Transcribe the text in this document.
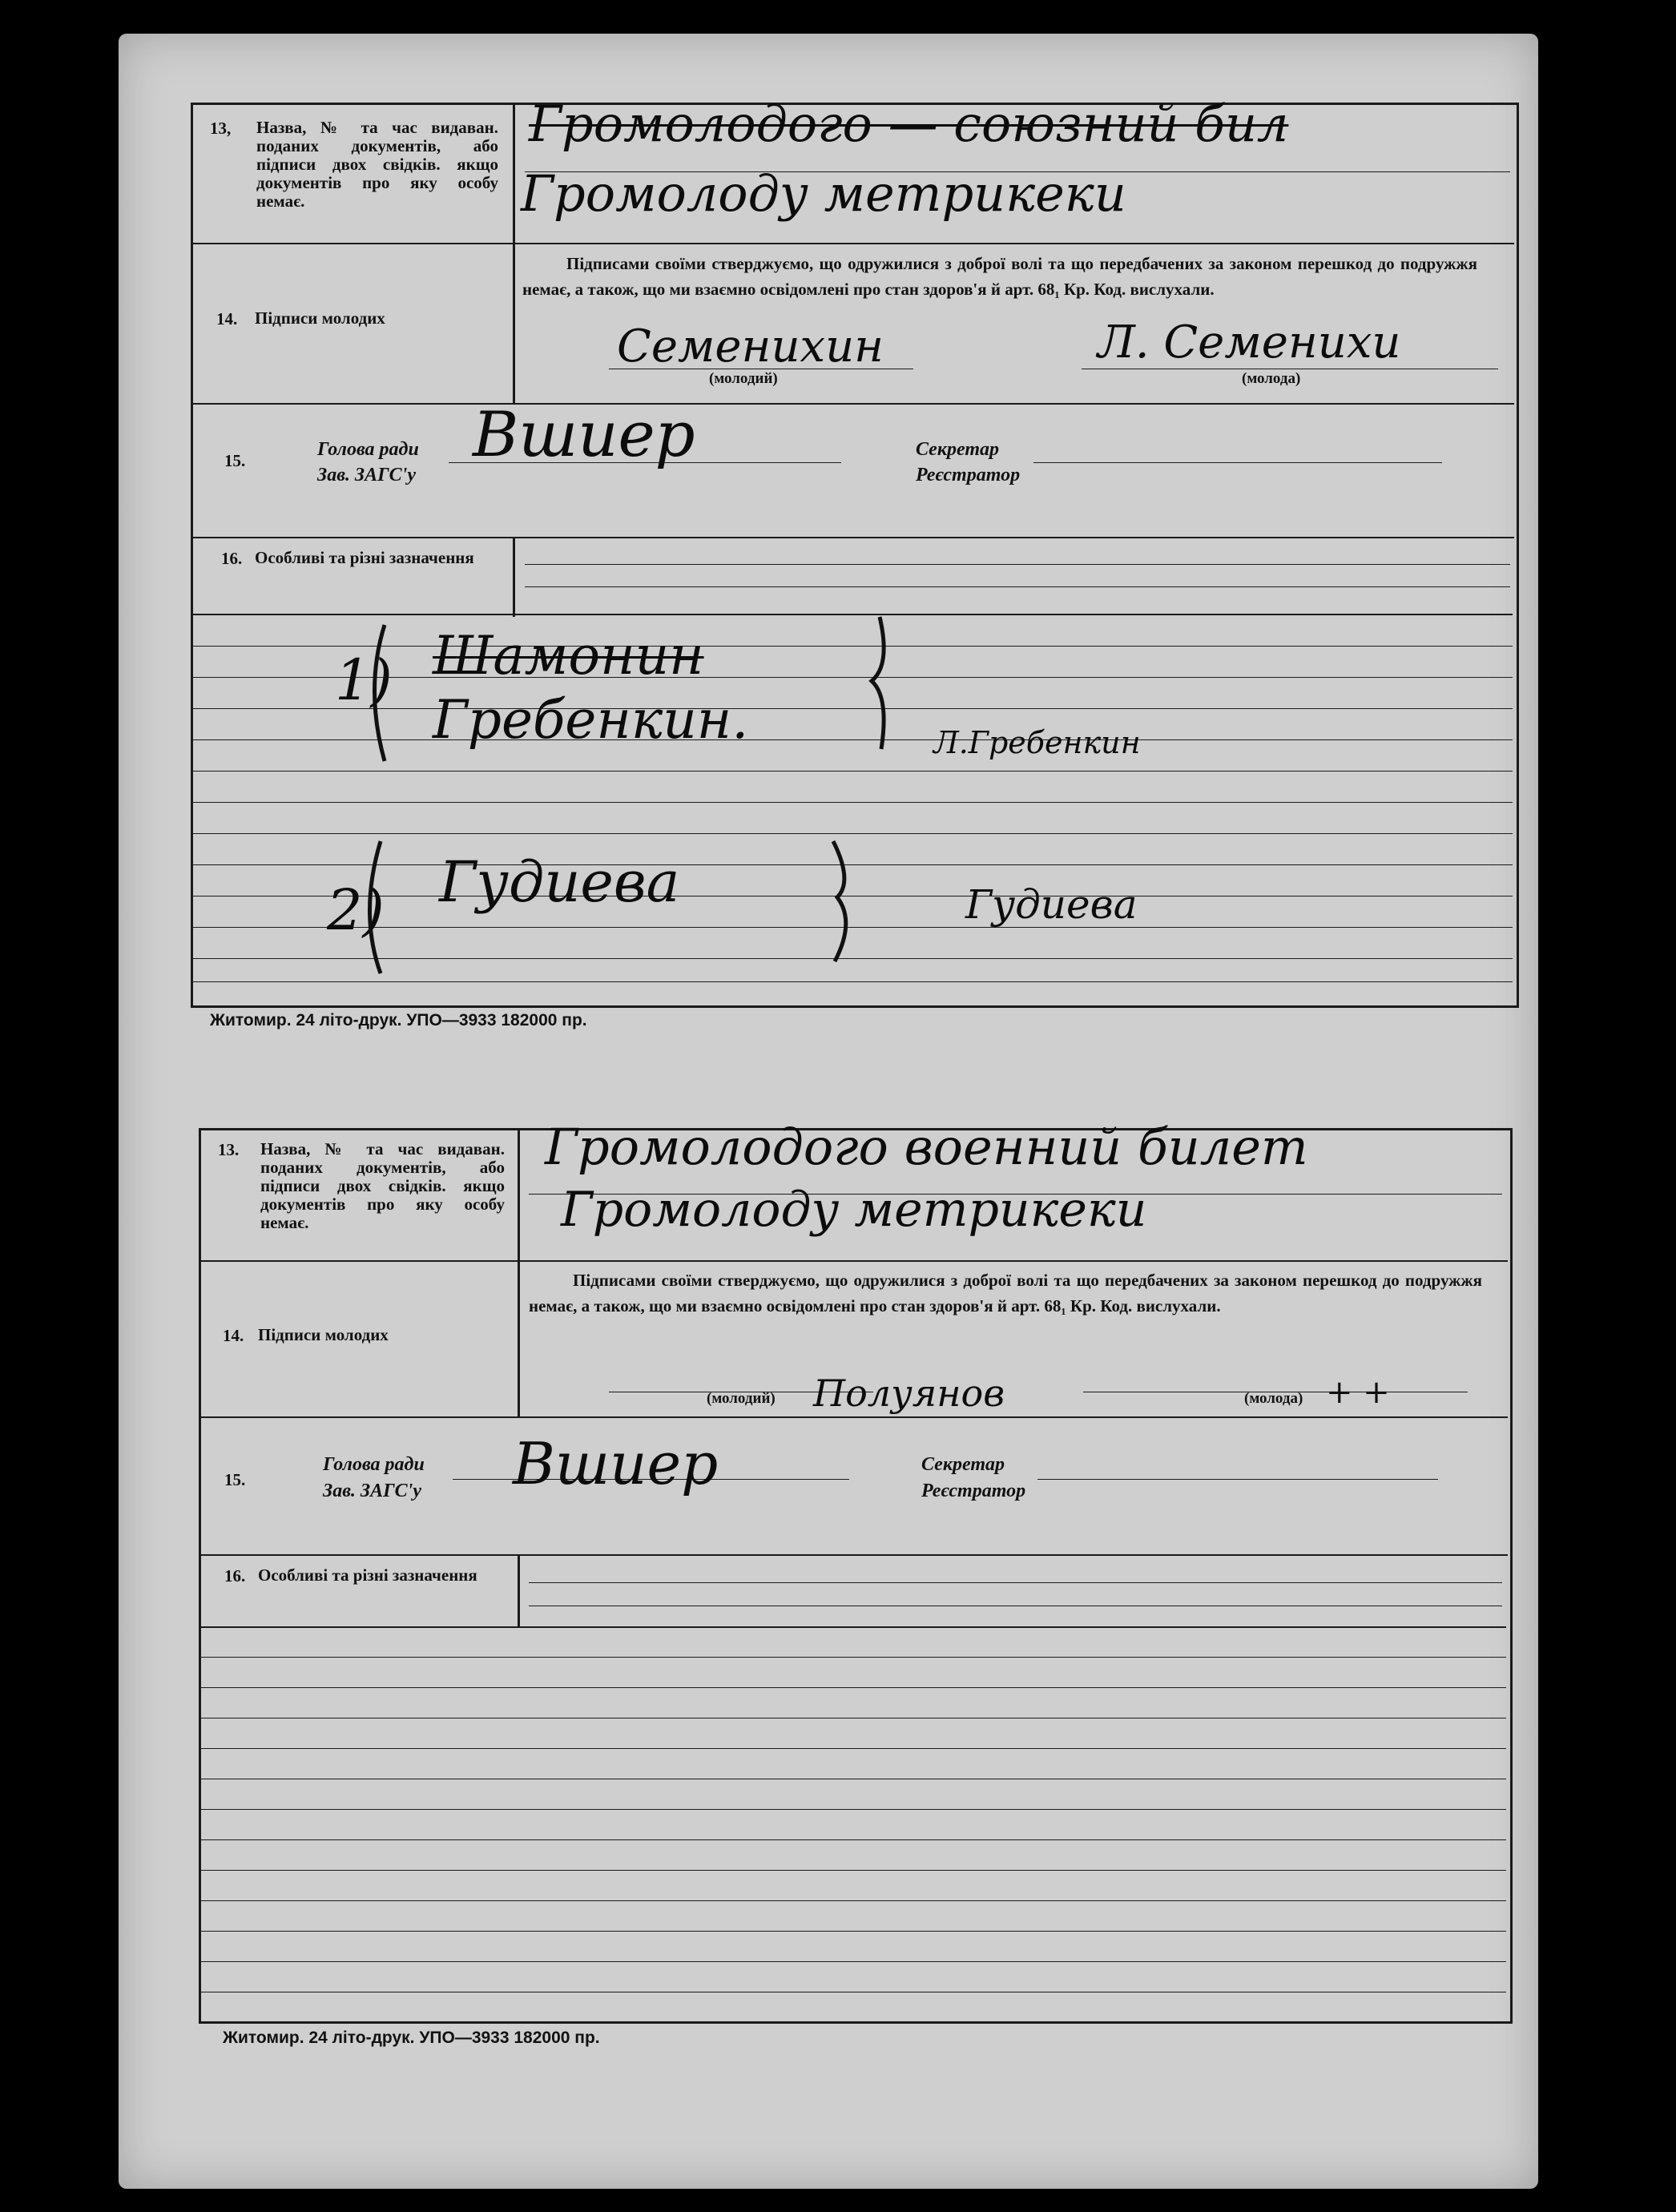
13, Назва, № та час видаван. поданих документів, або підписи двох свідків. якщо документів про яку особу немає.
Громолодого — союзний бил
Громолоду метрикеки
14. Підписи молодих
Підписами своїми стверджуємо, що одружилися з доброї волі та що передбачених за законом перешкод до подружжя немає, а також, що ми взаємно освідомлені про стан здоров'я й арт. 68₁ Кр. Код. вислухали.
(молодий)	(молода)
Семенихин	Л. Семенихи
15.
Голова ради
Зав. ЗАГС'у
Секретар
Реєстратор
Вшиер
16. Особливі та різні зазначення
1) Шамонин
Гребенкин.	Л.Гребенкин
2) Гудиева	Гудиева
Житомир. 24 літо-друк. УПО—3933 182000 пр.
13. Назва, № та час видаван. поданих документів, або підписи двох свідків. якщо документів про яку особу немає.
Громолодого военний билет
Громолоду метрикеки
14. Підписи молодих
Підписами своїми стверджуємо, що одружилися з доброї волі та що передбачених за законом перешкод до подружжя немає, а також, що ми взаємно освідомлені про стан здоров'я й арт. 68₁ Кр. Код. вислухали.
(молодий)	(молода)
Полуянов	+ +
15.
Голова ради
Зав. ЗАГС'у
Секретар
Реєстратор
Вшиер
16. Особливі та різні зазначення
Житомир. 24 літо-друк. УПО—3933 182000 пр.
